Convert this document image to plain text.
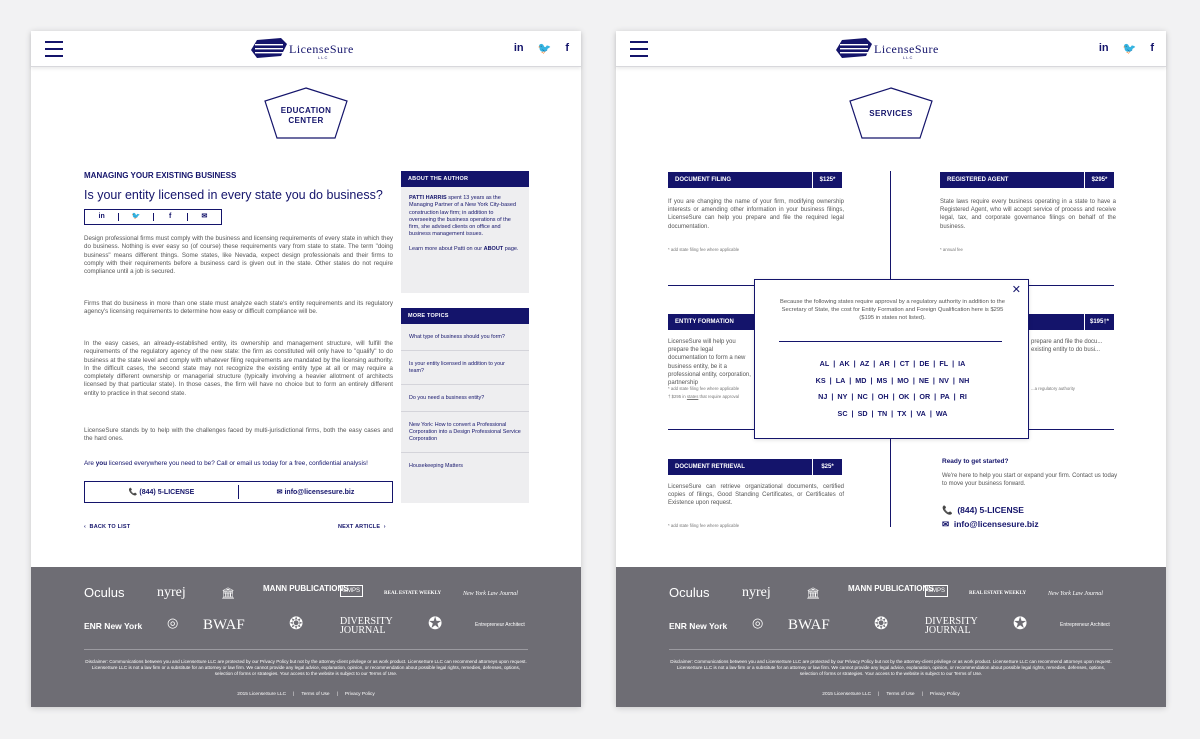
LicenseSure
LLC
in 🐦 f
EDUCATION
CENTER
MANAGING YOUR EXISTING BUSINESS
Is your entity licensed in every state you do business?
in	🐦	f	✉

Design professional firms must comply with the business and licensing requirements of every state in which they do business. Nothing is ever easy so (of course) these requirements vary from state to state. The term "doing business" means different things. Some states, like Nevada, expect design professionals and their firms to comply with their requirements before a business card is given out in the state. Other states do not require compliance until a job is secured.

Firms that do business in more than one state must analyze each state's entity requirements and its regulatory agency's licensing requirements to determine how easy or difficult compliance will be.

In the easy cases, an already-established entity, its ownership and management structure, will fulfill the requirements of the regulatory agency of the new state: the firm as constituted will only have to "qualify" to do business at the state level and comply with whatever filing requirements are mandated by the licensing authority. In the difficult cases, the second state may not recognize the existing entity type at all or may require a completely different ownership or managerial structure (typically involving a heavier allotment of architects licensed by that particular state). In those cases, the firm will have no choice but to form an entirely different entity to practice in that second state.

LicenseSure stands by to help with the challenges faced by multi-jurisdictional firms, both the easy cases and the hard ones.

Are you licensed everywhere you need to be? Call or email us today for a free, confidential analysis!
📞 (844) 5-LICENSE	✉ info@licensesure.biz
‹ BACK TO LIST	NEXT ARTICLE ›
ABOUT THE AUTHOR
PATTI HARRIS spent 13 years as the Managing Partner of a New York City-based construction law firm; in addition to overseeing the business operations of the firm, she advised clients on office and business management issues.
Learn more about Patti on our ABOUT page.
MORE TOPICS
What type of business should you form?
Is your entity licensed in addition to your team?
Do you need a business entity?
New York: How to convert a Professional Corporation into a Design Professional Service Corporation
Housekeeping Matters
Oculus nyrej	🏛	MANN PUBLICATIONS
SMPS	REAL ESTATE WEEKLY	New York Law Journal
ENR New York ◎ BWAF	❂	DIVERSITY JOURNAL	✪	Entrepreneur Architect
Disclaimer: Communications between you and LicenseSure LLC are protected by our Privacy Policy but not by the attorney-client privilege or as work product. LicenseSure LLC can recommend attorneys upon request. LicenseSure LLC is not a law firm or a substitute for an attorney or law firm. We cannot provide any legal advice, explanation, opinion, or recommendation about possible legal rights, remedies, defenses, options, selection of forms or strategies. Your access to the website is subject to our Terms of Use.
2015 LicenseSure LLC | Terms of Use | Privacy Policy
LicenseSure
LLC
in 🐦 f
SERVICES
DOCUMENT FILING	$125*

If you are changing the name of your firm, modifying ownership interests or amending other information in your business filings, LicenseSure can help you prepare and file the required legal documentation.

* add state filing fee where applicable
REGISTERED AGENT	$295*

State laws require every business operating in a state to have a Registered Agent, who will accept service of process and receive legal, tax, and corporate governance filings on behalf of the business.

* annual fee
ENTITY FORMATION

LicenseSure will help you prepare the legal documentation to form a new business entity, be it a professional entity, corporation, partnership

* add state filing fee where applicable
† $295 in states that require approval
$195†*

prepare and file the docu... existing entity to do busi...

...a regulatory authority
DOCUMENT RETRIEVAL	$25*

LicenseSure can retrieve organizational documents, certified copies of filings, Good Standing Certificates, or Certificates of Existence upon request.

* add state filing fee where applicable
Ready to get started?

We're here to help you start or expand your firm. Contact us today to move your business forward.

📞 (844) 5-LICENSE
✉ info@licensesure.biz
✕
Because the following states require approval by a regulatory authority in addition to the Secretary of State, the cost for Entity Formation and Foreign Qualification here is $295 ($195 in states not listed).
AL | AK | AZ | AR | CT | DE | FL | IA
KS | LA | MD | MS | MO | NE | NV | NH
NJ | NY | NC | OH | OK | OR | PA | RI
SC | SD | TN | TX | VA | WA
Oculus nyrej	🏛	MANN PUBLICATIONS
SMPS	REAL ESTATE WEEKLY	New York Law Journal
ENR New York ◎ BWAF	❂	DIVERSITY JOURNAL	✪	Entrepreneur Architect
Disclaimer: Communications between you and LicenseSure LLC are protected by our Privacy Policy but not by the attorney-client privilege or as work product. LicenseSure LLC can recommend attorneys upon request. LicenseSure LLC is not a law firm or a substitute for an attorney or law firm. We cannot provide any legal advice, explanation, opinion, or recommendation about possible legal rights, remedies, defenses, options, selection of forms or strategies. Your access to the website is subject to our Terms of Use.
2015 LicenseSure LLC | Terms of Use | Privacy Policy
